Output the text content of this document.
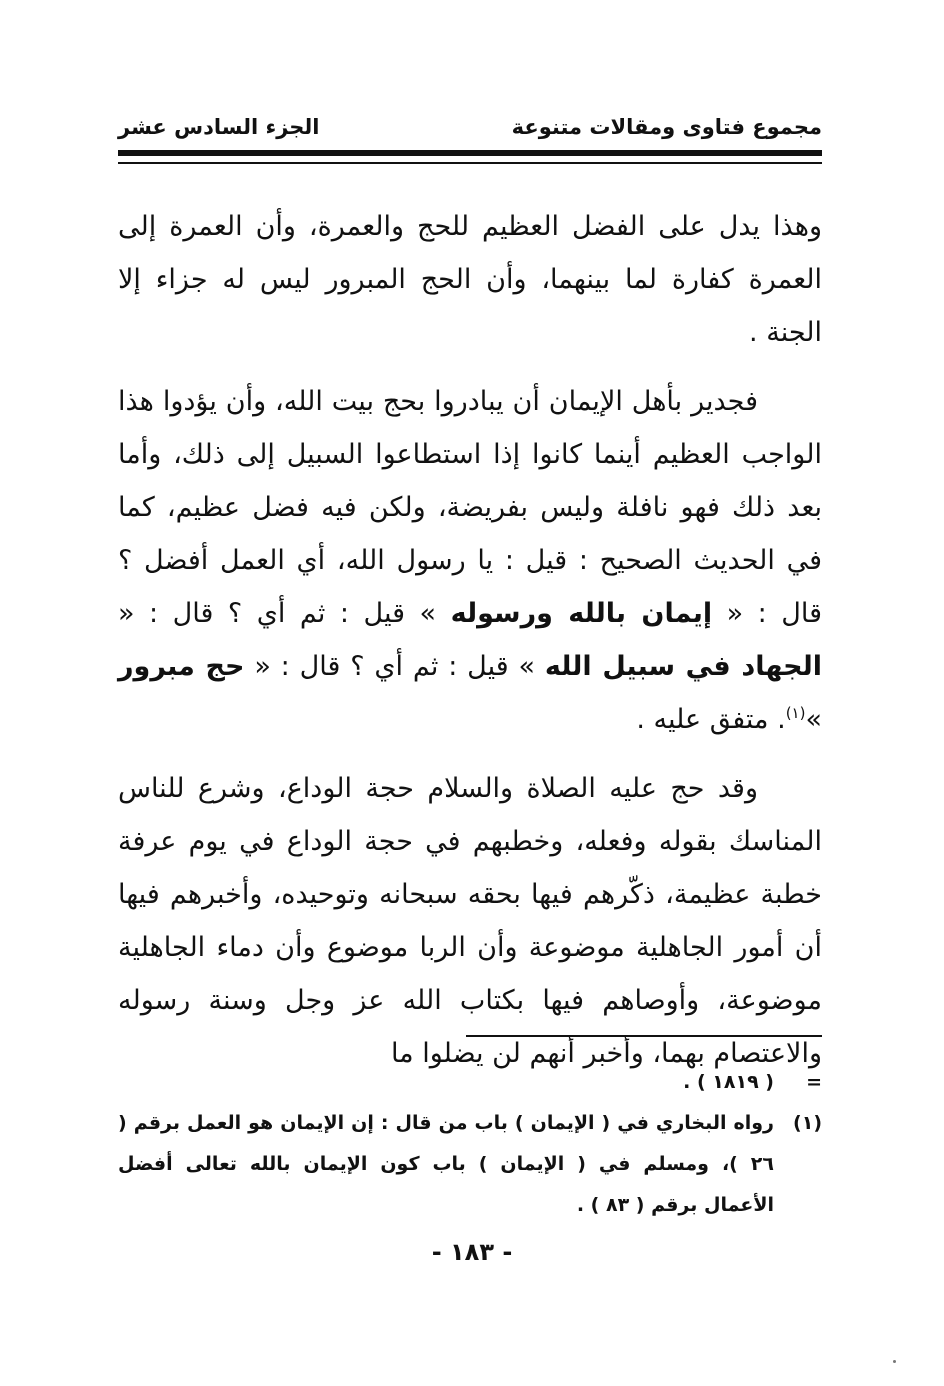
مجموع فتاوى ومقالات متنوعة
الجزء السادس عشر

وهذا يدل على الفضل العظيم للحج والعمرة، وأن العمرة إلى العمرة كفارة لما بينهما، وأن الحج المبرور ليس له جزاء إلا الجنة .

فجدير بأهل الإيمان أن يبادروا بحج بيت الله، وأن يؤدوا هذا الواجب العظيم أينما كانوا إذا استطاعوا السبيل إلى ذلك، وأما بعد ذلك فهو نافلة وليس بفريضة، ولكن فيه فضل عظيم، كما في الحديث الصحيح : قيل : يا رسول الله، أي العمل أفضل ؟ قال : « إيمان بالله ورسوله » قيل : ثم أي ؟ قال : « الجهاد في سبيل الله » قيل : ثم أي ؟ قال : « حج مبرور »$^{(١)}$. متفق عليه .

وقد حج عليه الصلاة والسلام حجة الوداع، وشرع للناس المناسك بقوله وفعله، وخطبهم في حجة الوداع في يوم عرفة خطبة عظيمة، ذكّرهم فيها بحقه سبحانه وتوحيده، وأخبرهم فيها أن أمور الجاهلية موضوعة وأن الربا موضوع وأن دماء الجاهلية موضوعة، وأوصاهم فيها بكتاب الله عز وجل وسنة رسوله والاعتصام بهما، وأخبر أنهم لن يضلوا ما

=
( ١٨١٩ ) .
(١)
رواه البخاري في ( الإيمان ) باب من قال : إن الإيمان هو العمل برقم ( ٢٦ )، ومسلم في ( الإيمان ) باب كون الإيمان بالله تعالى أفضل الأعمال برقم ( ٨٣ ) .
- ١٨٣ -
